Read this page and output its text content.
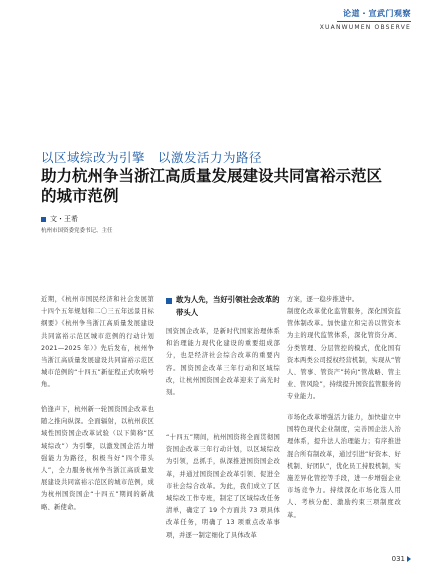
论道・宣武门观察
XUANWUMEN OBSERVE
以区域综改为引擎　以激发活力为路径
助力杭州争当浙江高质量发展建设共同富裕示范区的城市范例
文・王希
杭州市国资委党委书记、主任
近期，《杭州市国民经济和社会发展第十四个五年规划和二〇三五年远景目标纲要》《杭州争当浙江高质量发展建设共同富裕示范区城市范例的行动计划 2021—2025 年）》先后发布，杭州争当浙江高质量发展建设共同富裕示范区城市范例的“十四五”新征程正式吹响号角。
恰逢声下，杭州新一轮国资国企改革也随之推向纵深。全面辐射，以杭州获区域性国资国企改革试验（以下简称“区域综改”）为引擎，以激发国企活力增强能力为路径，积极当好“四个带头人”，全力服务杭州争当浙江高质量发展建设共同富裕示范区的城市范例，成为杭州国资国企“十四五”期间的新战略、新使命。
敢为人先，当好引领社会改革的带头人
国资国企改革，是新时代国家治理体系和治理能力现代化建设的重要组成部分，也是经济社会综合改革的重要内容。国资国企改革三年行动和区域综改，让杭州国资国企改革迎来了高光时刻。
“十四五”期间，杭州国资将全面贯彻国资国企改革三年行动计划，以区域综改为引领，总抓手，纵深推进国资国企改革，并通过国资国企改革引领、促进全市社会综合改革。为此，我们成立了区域综改工作专班，制定了区域综改任务清单，确定了 19 个方面共 73 项具体改革任务，明确了 13 项重点改革事项，并逐一制定细化了具体改革
方案，逐一稳步推进中。
制度化改革优化监管服务，深化国资监管体制改革。加快建立和完善以管资本为主的现代监管体系，深化管资分离、分类管理、分层管控的模式，优化国有资本两类公司授权经营机制，实现从“管人、管事、管资产”转向“管战略、管主业、管风险”，持续提升国资监管服务的专业能力。
市场化改革增强活力能力，加快建立中国特色现代企业制度，完善国企法人治理体系，提升法人治理能力；有序推进混合所有制改革，通过引进“好资本、好机制、好团队”，优化员工持股机制，实施差异化管控等手段，进一步增强企业市场竞争力。持续深化市场化选人用人、考核分配、激励约束三项制度改革。
031
